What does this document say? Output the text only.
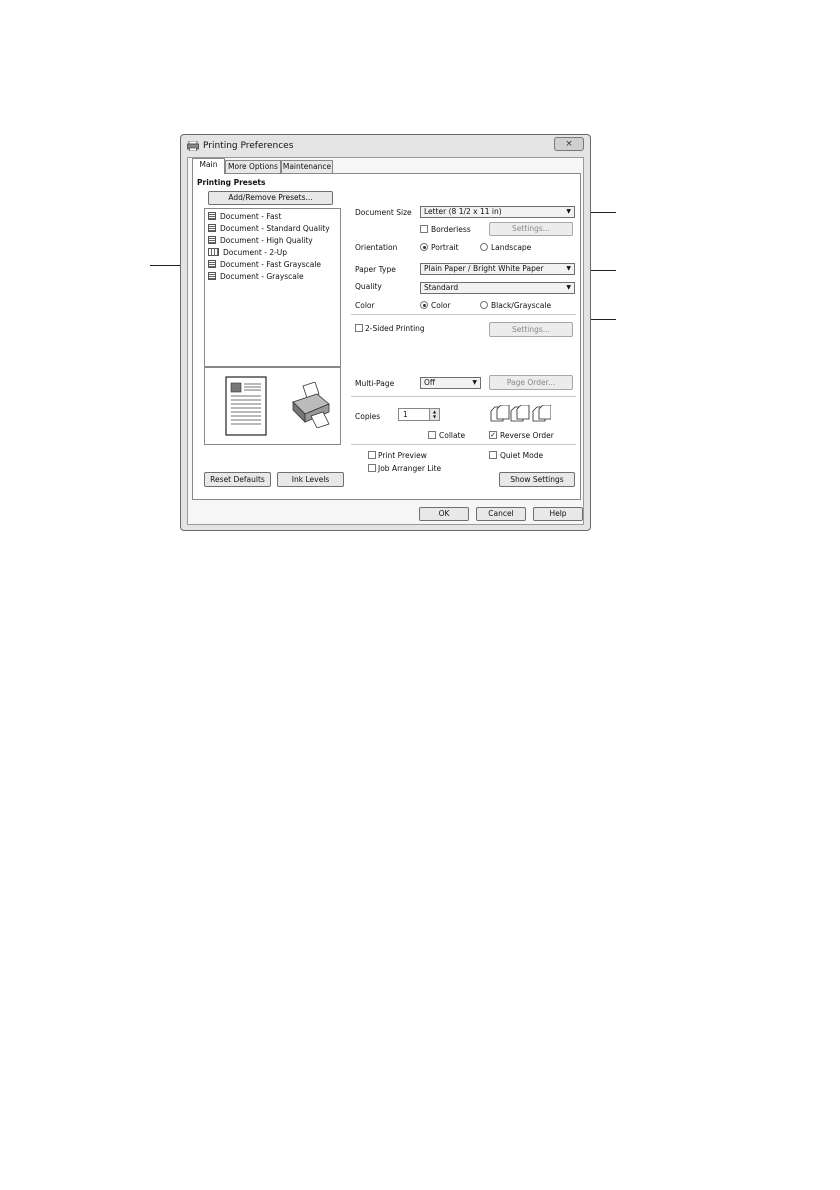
Printing Preferences	×
Main	More Options Maintenance
Printing Presets
Add/Remove Presets...
Document - Fast
Document - Standard Quality
Document - High Quality
Document - 2-Up
Document - Fast Grayscale
Document - Grayscale
Reset Defaults	Ink Levels
Document Size	Letter (8 1/2 x 11 in)	▼
Borderless	Settings...
Orientation	Portrait	Landscape
Paper Type	Plain Paper / Bright White Paper	▼
Quality	Standard	▼
Color	Color	Black/Grayscale
2-Sided Printing	Settings...
Multi-Page	Off	▼	Page Order...
Copies	1	▲
▼
Collate	✓ Reverse Order
Print Preview	Quiet Mode
Job Arranger Lite
Show Settings
OK	Cancel	Help
